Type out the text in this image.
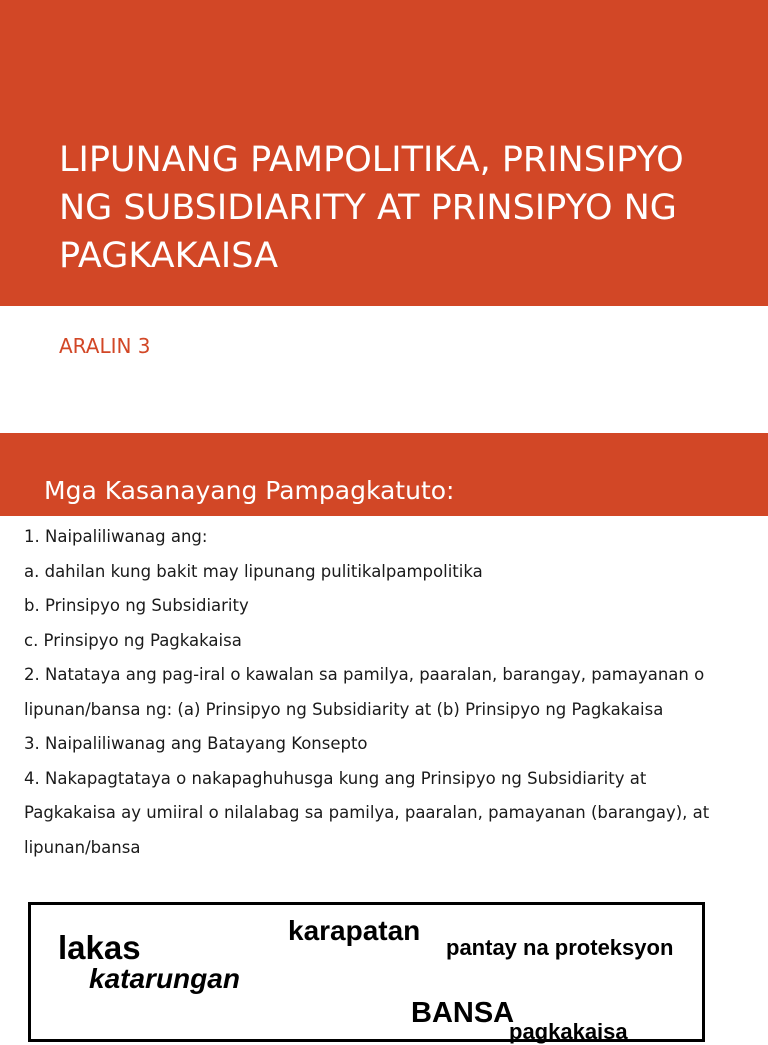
LIPUNANG PAMPOLITIKA, PRINSIPYO
NG SUBSIDIARITY AT PRINSIPYO NG
PAGKAKAISA
ARALIN 3
Mga Kasanayang Pampagkatuto:
1. Naipaliliwanag ang:
a. dahilan kung bakit may lipunang pulitikalpampolitika
b. Prinsipyo ng Subsidiarity
c. Prinsipyo ng Pagkakaisa
2. Natataya ang pag-iral o kawalan sa pamilya, paaralan, barangay, pamayanan o
lipunan/bansa ng: (a) Prinsipyo ng Subsidiarity at (b) Prinsipyo ng Pagkakaisa
3. Naipaliliwanag ang Batayang Konsepto
4. Nakapagtataya o nakapaghuhusga kung ang Prinsipyo ng Subsidiarity at
Pagkakaisa ay umiiral o nilalabag sa pamilya, paaralan, pamayanan (barangay), at
lipunan/bansa
lakas
katarungan
karapatan
pantay na proteksyon
BANSA
pagkakaisa
